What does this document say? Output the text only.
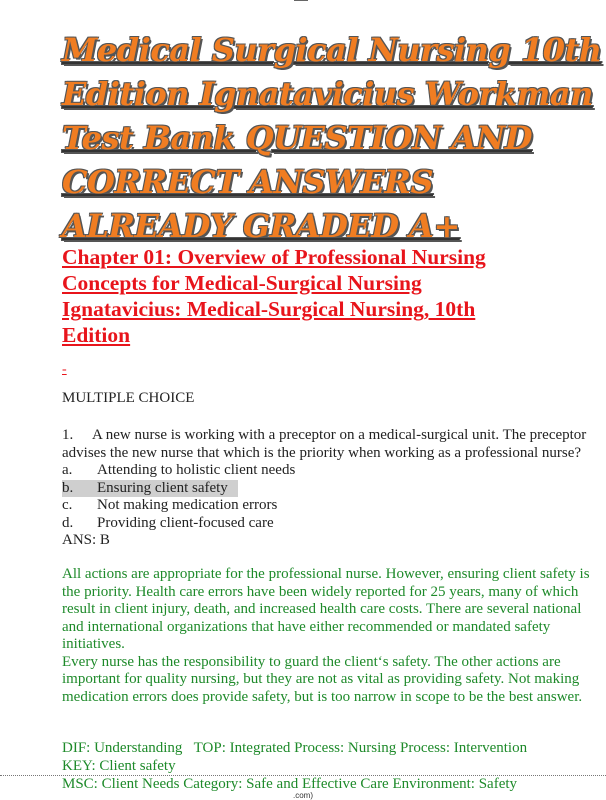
Medical Surgical Nursing 10th
Edition Ignatavicius Workman
Test Bank QUESTION AND
CORRECT ANSWERS
ALREADY GRADED A+
Chapter 01: Overview of Professional Nursing
Concepts for Medical-Surgical Nursing
Ignatavicius: Medical-Surgical Nursing, 10th
Edition
-
MULTIPLE CHOICE

1.     A new nurse is working with a preceptor on a medical-surgical unit. The preceptor advises the new nurse that which is the priority when working as a professional nurse?

a.	Attending to holistic client needs
b.	Ensuring client safety
c.	Not making medication errors
d.	Providing client-focused care
ANS: B

All actions are appropriate for the professional nurse. However, ensuring client safety is the priority. Health care errors have been widely reported for 25 years, many of which result in client injury, death, and increased health care costs. There are several national and international organizations that have either recommended or mandated safety initiatives.

Every nurse has the responsibility to guard the client‘s safety. The other actions are important for quality nursing, but they are not as vital as providing safety. Not making medication errors does provide safety, but is too narrow in scope to be the best answer.

DIF: Understanding   TOP: Integrated Process: Nursing Process: Intervention
KEY: Client safety
MSC: Client Needs Category: Safe and Effective Care Environment: Safety
.com)
